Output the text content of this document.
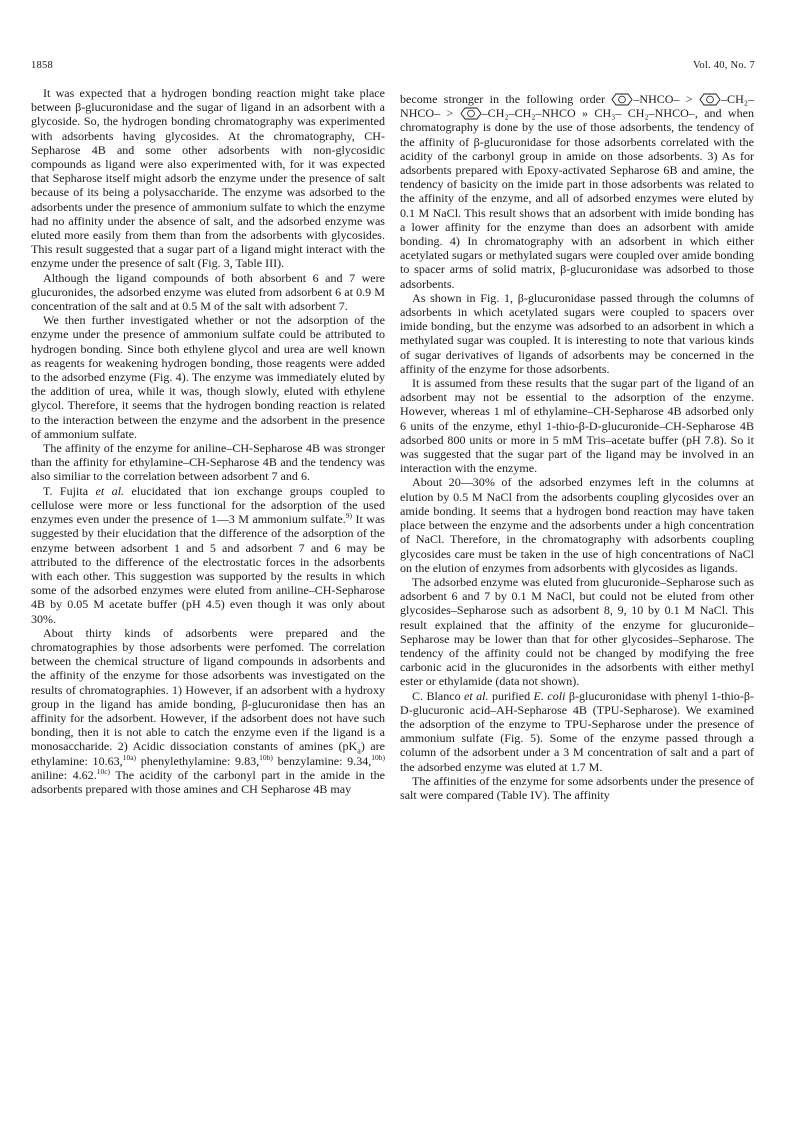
1858	Vol. 40, No. 7

It was expected that a hydrogen bonding reaction might take place between β-glucuronidase and the sugar of ligand in an adsorbent with a glycoside. So, the hydrogen bonding chromatography was experimented with adsorbents having glycosides. At the chromatography, CH-Sepharose 4B and some other adsorbents with non-glycosidic compounds as ligand were also experimented with, for it was expected that Sepharose itself might adsorb the enzyme under the presence of salt because of its being a polysaccharide. The enzyme was adsorbed to the adsorbents under the presence of ammonium sulfate to which the enzyme had no affinity under the absence of salt, and the adsorbed enzyme was eluted more easily from them than from the adsorbents with glycosides. This result suggested that a sugar part of a ligand might interact with the enzyme under the presence of salt (Fig. 3, Table III).

Although the ligand compounds of both absorbent 6 and 7 were glucuronides, the adsorbed enzyme was eluted from adsorbent 6 at 0.9 M concentration of the salt and at 0.5 M of the salt with adsorbent 7.

We then further investigated whether or not the adsorption of the enzyme under the presence of ammonium sulfate could be attributed to hydrogen bonding. Since both ethylene glycol and urea are well known as reagents for weakening hydrogen bonding, those reagents were added to the adsorbed enzyme (Fig. 4). The enzyme was immediately eluted by the addition of urea, while it was, though slowly, eluted with ethylene glycol. Therefore, it seems that the hydrogen bonding reaction is related to the interaction between the enzyme and the adsorbent in the presence of ammonium sulfate.

The affinity of the enzyme for aniline–CH-Sepharose 4B was stronger than the affinity for ethylamine–CH-Sepharose 4B and the tendency was also similiar to the correlation between adsorbent 7 and 6.

T. Fujita et al. elucidated that ion exchange groups coupled to cellulose were more or less functional for the adsorption of the used enzymes even under the presence of 1—3 M ammonium sulfate.$^{9)}$ It was suggested by their elucidation that the difference of the adsorption of the enzyme between adsorbent 1 and 5 and adsorbent 7 and 6 may be attributed to the difference of the electrostatic forces in the adsorbents with each other. This suggestion was supported by the results in which some of the adsorbed enzymes were eluted from aniline–CH-Sepharose 4B by 0.05 M acetate buffer (pH 4.5) even though it was only about 30%.

About thirty kinds of adsorbents were prepared and the chromatographies by those adsorbents were perfomed. The correlation between the chemical structure of ligand compounds in adsorbents and the affinity of the enzyme for those adsorbents was investigated on the results of chromatographies. 1) However, if an adsorbent with a hydroxy group in the ligand has amide bonding, β-glucuronidase then has an affinity for the adsorbent. However, if the adsorbent does not have such bonding, then it is not able to catch the enzyme even if the ligand is a monosaccharide. 2) Acidic dissociation constants of amines $(pK_a)$ are ethylamine: 10.63,$^{10a)}$ phenylethylamine: 9.83,$^{10b)}$ benzylamine: 9.34,$^{10b)}$ aniline: 4.62.$^{10c)}$ The acidity of the carbonyl part in the amide in the adsorbents prepared with those amines and CH Sepharose 4B may

become stronger in the following order
–NHCO– > –CH₂–NHCO– > –CH₂–CH₂–NHCO » CH₃– CH₂–NHCO–, and when chromatography is done by the use of those adsorbents, the tendency of the affinity of β-glucuronidase for those adsorbents correlated with the acidity of the carbonyl group in amide on those adsorbents. 3) As for adsorbents prepared with Epoxy-activated Sepharose 6B and amine, the tendency of basicity on the imide part in those adsorbents was related to the affinity of the enzyme, and all of adsorbed enzymes were eluted by 0.1 M NaCl. This result shows that an adsorbent with imide bonding has a lower affinity for the enzyme than does an adsorbent with amide bonding. 4) In chromatography with an adsorbent in which either acetylated sugars or methylated sugars were coupled over amide bonding to spacer arms of solid matrix, β-glucuronidase was adsorbed to those adsorbents.

As shown in Fig. 1, β-glucuronidase passed through the columns of adsorbents in which acetylated sugars were coupled to spacers over imide bonding, but the enzyme was adsorbed to an adsorbent in which a methylated sugar was coupled. It is interesting to note that various kinds of sugar derivatives of ligands of adsorbents may be concerned in the affinity of the enzyme for those adsorbents.

It is assumed from these results that the sugar part of the ligand of an adsorbent may not be essential to the adsorption of the enzyme. However, whereas 1 ml of ethylamine–CH-Sepharose 4B adsorbed only 6 units of the enzyme, ethyl 1-thio-β-D-glucuronide–CH-Sepharose 4B adsorbed 800 units or more in 5 mM Tris–acetate buffer (pH 7.8). So it was suggested that the sugar part of the ligand may be involved in an interaction with the enzyme.

About 20—30% of the adsorbed enzymes left in the columns at elution by 0.5 M NaCl from the adsorbents coupling glycosides over an amide bonding. It seems that a hydrogen bond reaction may have taken place between the enzyme and the adsorbents under a high concentration of NaCl. Therefore, in the chromatography with adsorbents coupling glycosides care must be taken in the use of high concentrations of NaCl on the elution of enzymes from adsorbents with glycosides as ligands.

The adsorbed enzyme was eluted from glucuronide–Sepharose such as adsorbent 6 and 7 by 0.1 M NaCl, but could not be eluted from other glycosides–Sepharose such as adsorbent 8, 9, 10 by 0.1 M NaCl. This result explained that the affinity of the enzyme for glucuronide–Sepharose may be lower than that for other glycosides–Sepharose. The tendency of the affinity could not be changed by modifying the free carbonic acid in the glucuronides in the adsorbents with either methyl ester or ethylamide (data not shown).

C. Blanco et al. purified E. coli β-glucuronidase with phenyl 1-thio-β-D-glucuronic acid–AH-Sepharose 4B (TPU-Sepharose). We examined the adsorption of the enzyme to TPU-Sepharose under the presence of ammonium sulfate (Fig. 5). Some of the enzyme passed through a column of the adsorbent under a 3 M concentration of salt and a part of the adsorbed enzyme was eluted at 1.7 M.

The affinities of the enzyme for some adsorbents under the presence of salt were compared (Table IV). The affinity
